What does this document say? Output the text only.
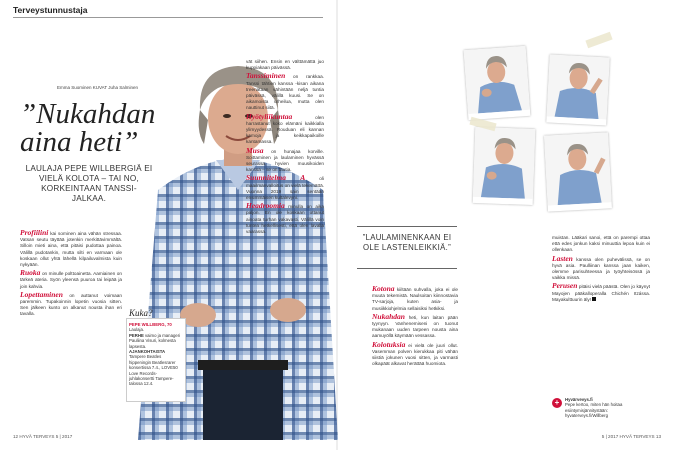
Terveystunnustaja
Emma Suominen KUVAT Juha Salminen
”Nukahdan aina heti”
LAULAJA PEPE WILLBERGIÄ EI VIELÄ KOLOTA – TAI NO, KORKEINTAAN TANSSI-JALKAA.

Profiilini kai sominen aina vähän stressaa. Vatsan seutu täyttää jotenkin merkittävimmältä. Silloin mieti aina, että pitäisi pudottaa painoa. Välillä pudotankin, mutta silti en varmaan ole koskaan ollut yhtä lähellä kilpailuvalmista kuin nykyään.

Ruoka on minulle polttoainetta. Aamiainen on tärkeä ateria. Syön yleensä puuroa tai leipää ja join kahvia.

Lopettaminen on auttanut voimaan paremmin. Tupakoinnin lopetin vuosia sitten. Sen jälkeen kunto on alkanut nousta ihan eri tavalla.	Kuka?
PEPE WILLBERG, 70
Laulaja.
PERHE vaimo ja manageri Pauliina Visuri, kolmesta lapsesta.
AJANKOHTAISTA Tampere Beatles hippeningin Beatlesrarer konsertissa 7.4., LOVE50 Love Records-juhlakonsertti Tampere-talossa 12.4.
12 HYVÄ TERVEYS 5 | 2017

vät siihen. Ensin en välttämättä juo kuppiakaan päivässä.

Tanssiminen on rankkaa. Tanssi tähtien kanssa -kisan aikana treenataan vähintään neljä tuntia päivässä, välillä kuusi. Se on aikamoista urheilua, mutta olen nauttinut siitä.

Hyötyliikuntaa olen harrastanut koko elämäni kaikkialla ylimyydessä. Rouduan eli kannan kamoja ja keikkapaikoille kantamassa.

Musa on hunajaa korville. Soittaminen ja laulaminen hyvässä seurassa, hyvien muusikoiden kanssa – se on tautia.

Suunnitelma A oli maailmanvalloitus on vielä tekemättä. Vuonna 2019 sain sentään ensimmäisen kultalevyni.

Headroomia minulla on aika paljon. En ole koskaan ottanut ainoata turhan vakavasti. Välillä voin tuntea hetkellisesti, että olen lavalla vaarassa.

”LAULAMINENKAAN EI OLE LASTENLEIKKIÄ.”

Kotona kiiltään suhvalla, joka ei ole muuta tekemistä. Naulsoitan kiinnostavia TV-sarjoja, kuten asia- ja musiikkiohjelmia sellaisiksi hetkiksi.

Nukahdan heti, kun laitan pään tyynyyn. Vanhenemiseni on tuonut mukanaan uuden tarpeen nousta aina aamuyöllä käymään vessassa.

Kolotuksia ei vielä ole juuri ollut. Vasemman polven kierukkaa piti vähän siistiä jokunen vuosi sitten, ja varmasti olkapäät alkavat herättää huomiota.

muistan. Lääkari sanoi, että on parempi ottaa että edes jonkun kaksi minuuttia lepoa kuin ei ollenkaan.

Lasten kanssa olen puhevälissä, se on hyvä asia. Paulliinan kanssa jaan kaiken, olemme parisuhteessa ja työyhteisössä ja vaikka missä.

Perusen pitäisi vielä päästä. Olen jo käynyt Mayojen pääkalloperalla Chichén Itzássa. Mayakulttuurin äly!

+	Hyvärvevys.fi
Pepe kertoo, miten hän hoitaa esiintymisjännitystään: hyvaterveys.fi/Willberg
5 | 2017 HYVÄ TERVEYS 13
